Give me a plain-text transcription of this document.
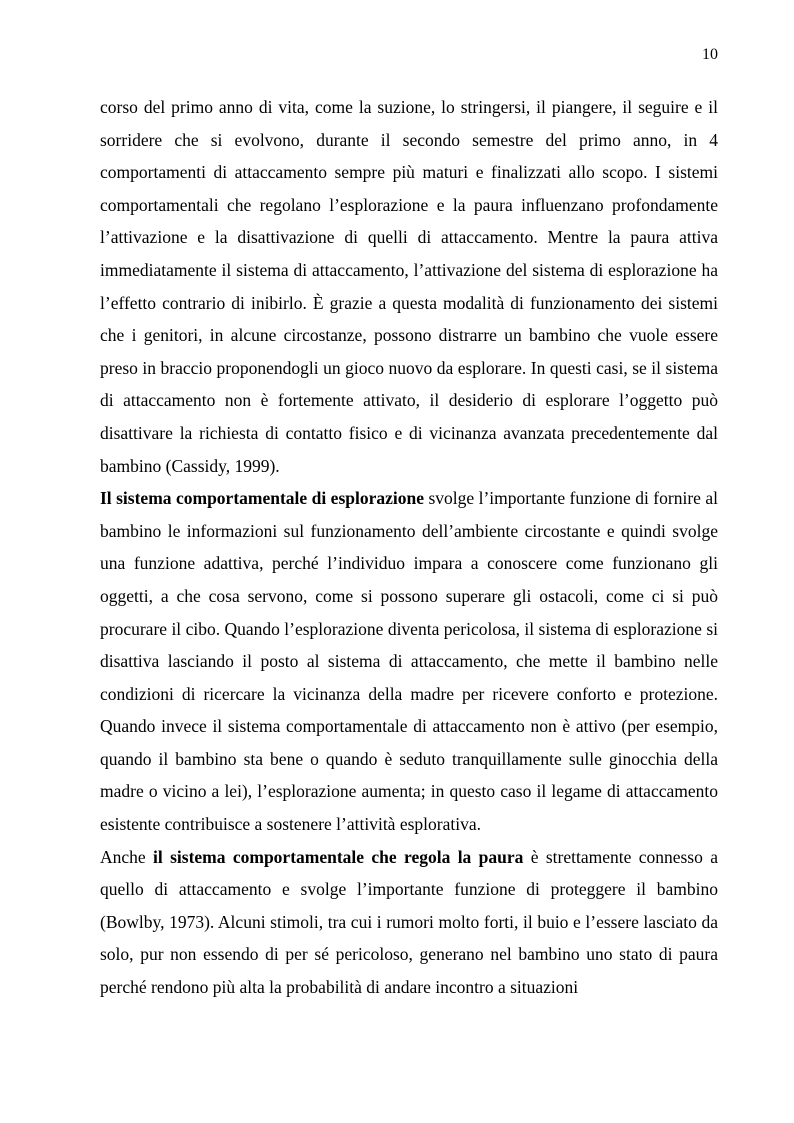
10

corso del primo anno di vita, come la suzione, lo stringersi, il piangere, il seguire e il sorridere che si evolvono, durante il secondo semestre del primo anno, in 4 comportamenti di attaccamento sempre più maturi e finalizzati allo scopo. I sistemi comportamentali che regolano l’esplorazione e la paura influenzano profondamente l’attivazione e la disattivazione di quelli di attaccamento. Mentre la paura attiva immediatamente il sistema di attaccamento, l’attivazione del sistema di esplorazione ha l’effetto contrario di inibirlo. È grazie a questa modalità di funzionamento dei sistemi che i genitori, in alcune circostanze, possono distrarre un bambino che vuole essere preso in braccio proponendogli un gioco nuovo da esplorare. In questi casi, se il sistema di attaccamento non è fortemente attivato, il desiderio di esplorare l’oggetto può disattivare la richiesta di contatto fisico e di vicinanza avanzata precedentemente dal bambino (Cassidy, 1999).

Il sistema comportamentale di esplorazione svolge l’importante funzione di fornire al bambino le informazioni sul funzionamento dell’ambiente circostante e quindi svolge una funzione adattiva, perché l’individuo impara a conoscere come funzionano gli oggetti, a che cosa servono, come si possono superare gli ostacoli, come ci si può procurare il cibo. Quando l’esplorazione diventa pericolosa, il sistema di esplorazione si disattiva lasciando il posto al sistema di attaccamento, che mette il bambino nelle condizioni di ricercare la vicinanza della madre per ricevere conforto e protezione. Quando invece il sistema comportamentale di attaccamento non è attivo (per esempio, quando il bambino sta bene o quando è seduto tranquillamente sulle ginocchia della madre o vicino a lei), l’esplorazione aumenta; in questo caso il legame di attaccamento esistente contribuisce a sostenere l’attività esplorativa.

Anche il sistema comportamentale che regola la paura è strettamente connesso a quello di attaccamento e svolge l’importante funzione di proteggere il bambino (Bowlby, 1973). Alcuni stimoli, tra cui i rumori molto forti, il buio e l’essere lasciato da solo, pur non essendo di per sé pericoloso, generano nel bambino uno stato di paura perché rendono più alta la probabilità di andare incontro a situazioni
